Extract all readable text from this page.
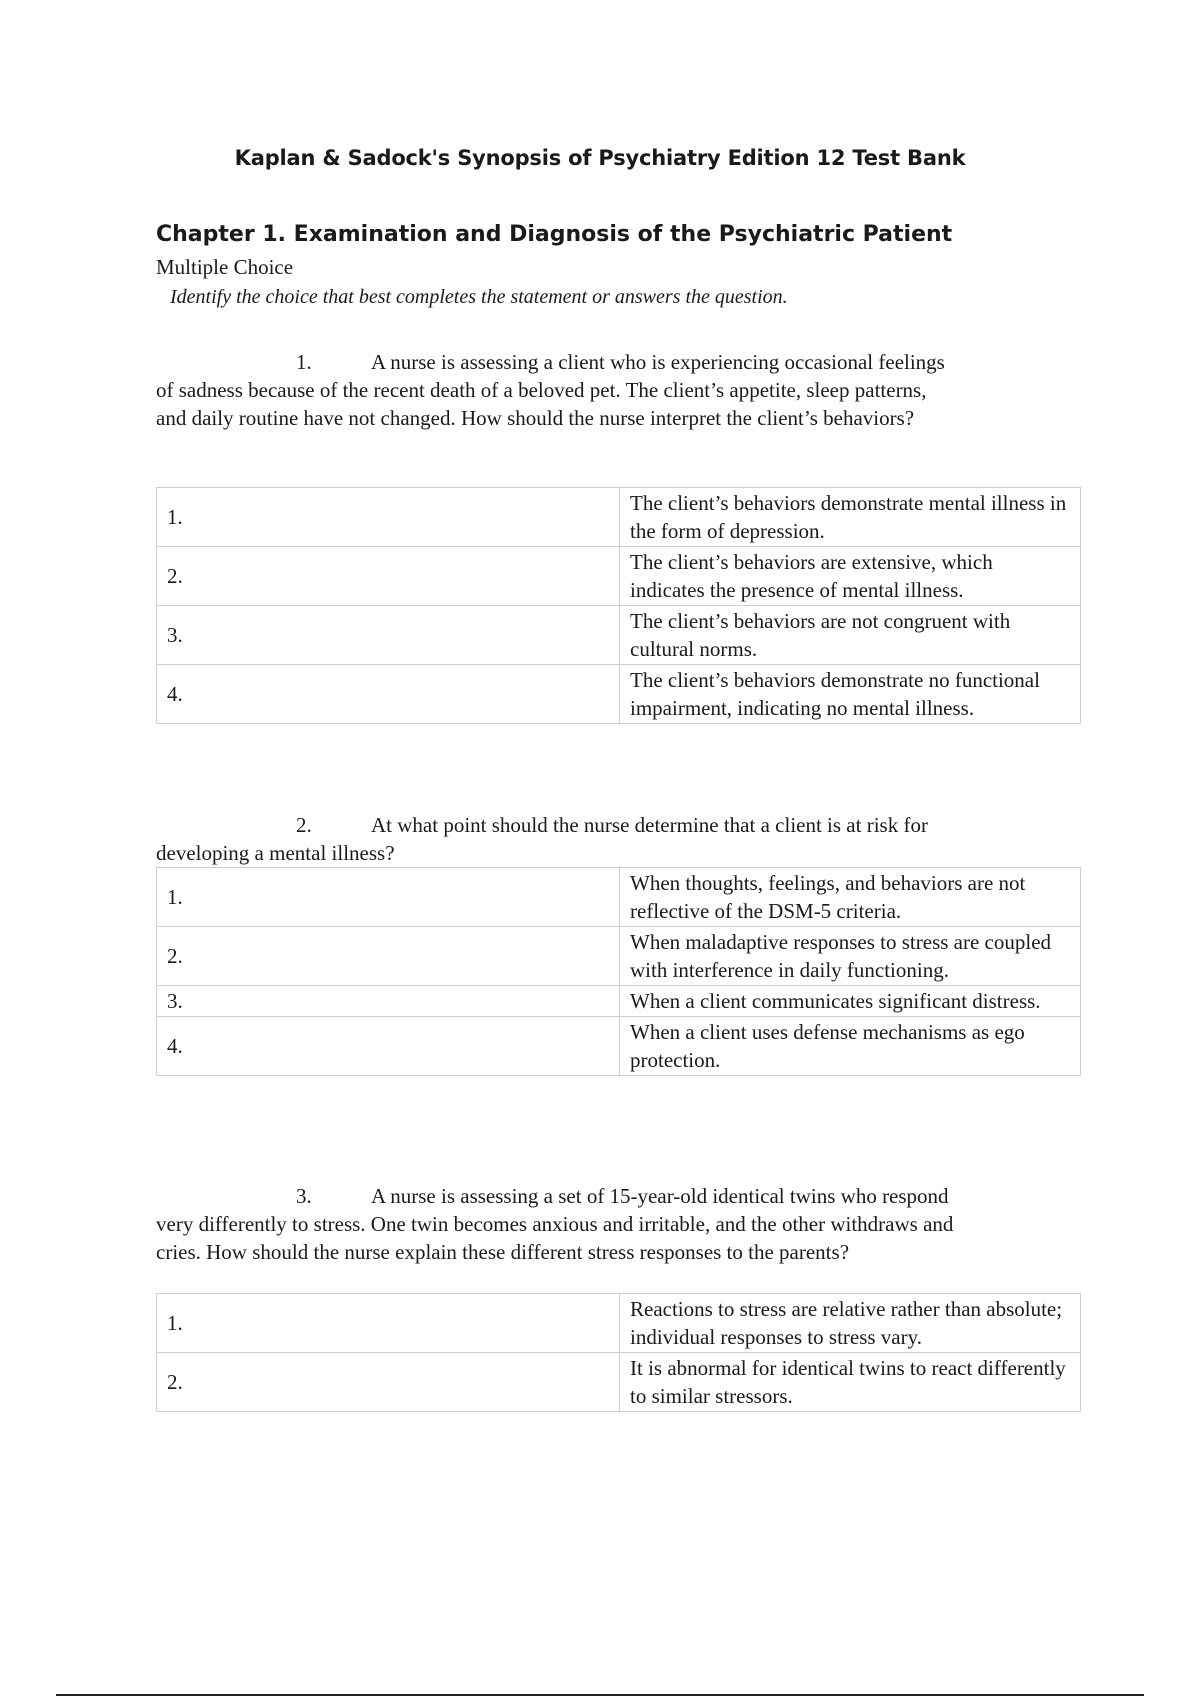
Kaplan & Sadock's Synopsis of Psychiatry Edition 12 Test Bank
Chapter 1. Examination and Diagnosis of the Psychiatric Patient
Multiple Choice
Identify the choice that best completes the statement or answers the question.
1.	A nurse is assessing a client who is experiencing occasional feelings of sadness because of the recent death of a beloved pet. The client’s appetite, sleep patterns, and daily routine have not changed. How should the nurse interpret the client’s behaviors?
1.	The client’s behaviors demonstrate mental illness in the form of depression.
2.	The client’s behaviors are extensive, which indicates the presence of mental illness.
3.	The client’s behaviors are not congruent with cultural norms.
4.	The client’s behaviors demonstrate no functional impairment, indicating no mental illness.
2.	At what point should the nurse determine that a client is at risk for developing a mental illness?
1.	When thoughts, feelings, and behaviors are not reflective of the DSM-5 criteria.
2.	When maladaptive responses to stress are coupled with interference in daily functioning.
3.	When a client communicates significant distress.
4.	When a client uses defense mechanisms as ego protection.
3.	A nurse is assessing a set of 15-year-old identical twins who respond very differently to stress. One twin becomes anxious and irritable, and the other withdraws and cries. How should the nurse explain these different stress responses to the parents?
1.	Reactions to stress are relative rather than absolute; individual responses to stress vary.
2.	It is abnormal for identical twins to react differently to similar stressors.
